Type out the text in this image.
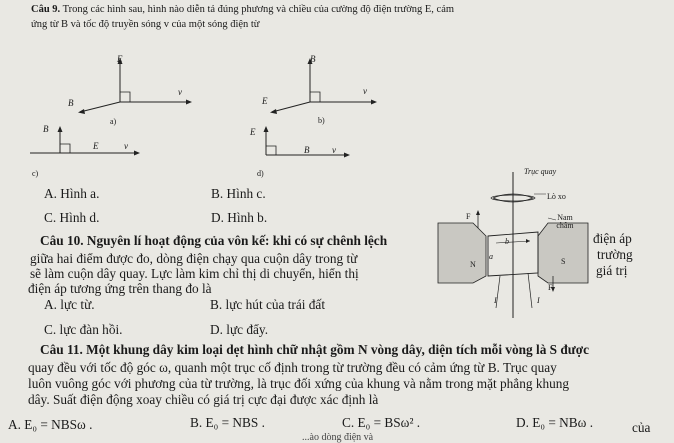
Câu 9. Trong các hình sau, hình nào diễn tả đúng phương và chiều của cường độ điện trường E, cảm
ứng từ B và tốc độ truyền sóng v của một sóng điện từ
E
v
B
a)
B
v
E
b)
B
E	v
c)
E
B	v
d)
A. Hình a.	B. Hình c.
C. Hình d.	D. Hình b.
Câu 10. Nguyên lí hoạt động của vôn kế: khi có sự chênh lệch
giữa hai điểm được đo, dòng điện chạy qua cuộn dây trong từ
sẽ làm cuộn dây quay. Lực làm kim chỉ thị di chuyển, hiển thị
điện áp tương ứng trên thang đo là
điện áp
trường
giá trị
A. lực từ.	B. lực hút của trái đất
C. lực đàn hồi.	D. lực đẩy.
Trục quay
Lò xo
Nam châm
F
F
N	S
a
b
I	I
Câu 11. Một khung dây kim loại dẹt hình chữ nhật gồm N vòng dây, diện tích mỗi vòng là S được
quay đều với tốc độ góc ω, quanh một trục cố định trong từ trường đều có cảm ứng từ B. Trục quay
luôn vuông góc với phương của từ trường, là trục đối xứng của khung và nằm trong mặt phẳng khung
dây. Suất điện động xoay chiều có giá trị cực đại được xác định là
A. E₀ = NBSω .	B. E₀ = NBS .	C. E₀ = BSω² .	D. E₀ = NBω .	của
...ào dòng điện và
